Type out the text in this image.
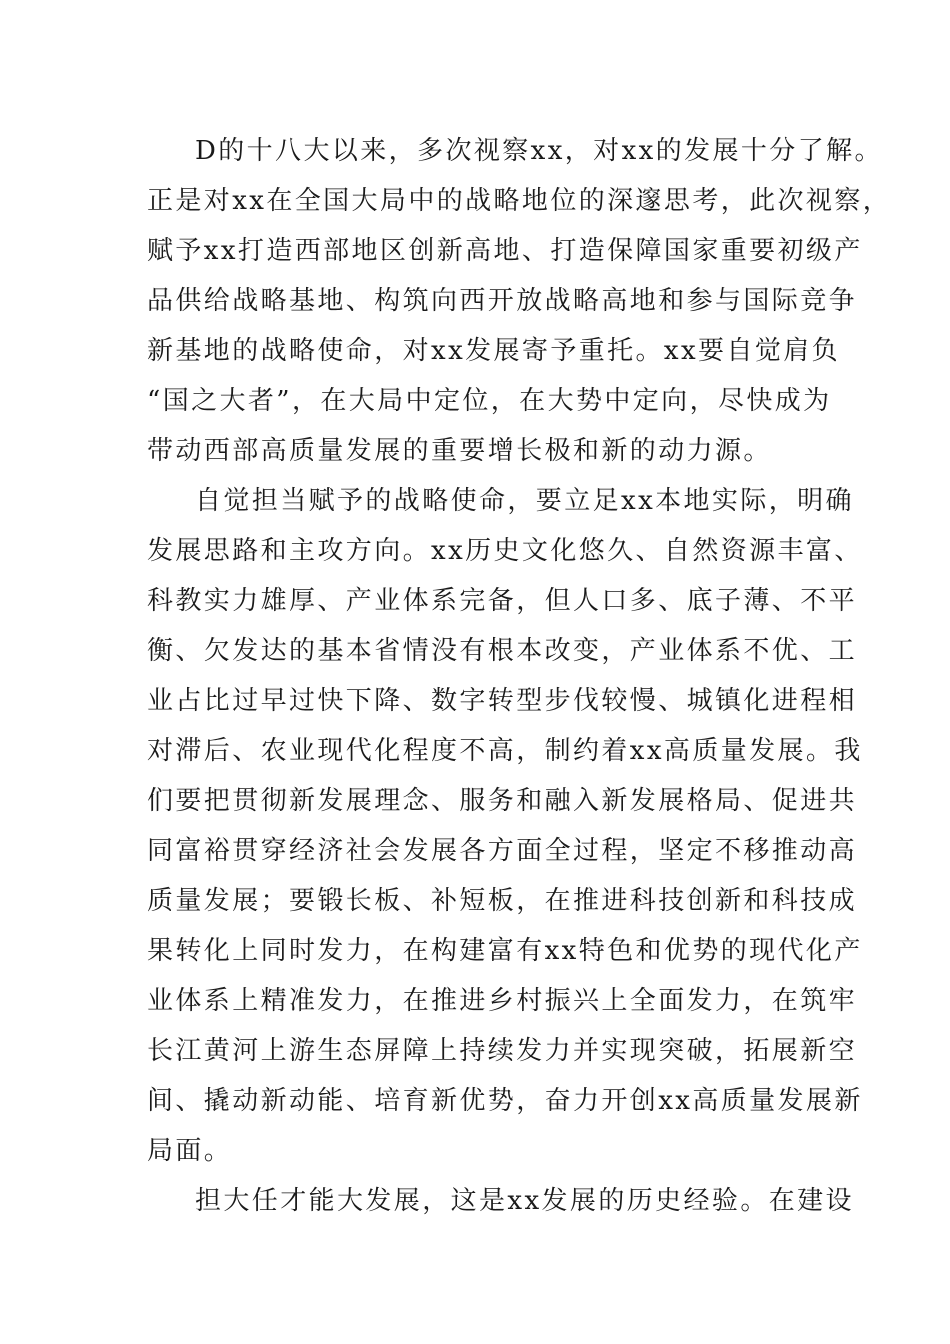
D的十八大以来，多次视察xx，对xx的发展十分了解。
正是对xx在全国大局中的战略地位的深邃思考，此次视察，
赋予xx打造西部地区创新高地、打造保障国家重要初级产
品供给战略基地、构筑向西开放战略高地和参与国际竞争
新基地的战略使命，对xx发展寄予重托。xx要自觉肩负
“国之大者”，在大局中定位，在大势中定向，尽快成为
带动西部高质量发展的重要增长极和新的动力源。
自觉担当赋予的战略使命，要立足xx本地实际，明确
发展思路和主攻方向。xx历史文化悠久、自然资源丰富、
科教实力雄厚、产业体系完备，但人口多、底子薄、不平
衡、欠发达的基本省情没有根本改变，产业体系不优、工
业占比过早过快下降、数字转型步伐较慢、城镇化进程相
对滞后、农业现代化程度不高，制约着xx高质量发展。我
们要把贯彻新发展理念、服务和融入新发展格局、促进共
同富裕贯穿经济社会发展各方面全过程，坚定不移推动高
质量发展；要锻长板、补短板，在推进科技创新和科技成
果转化上同时发力，在构建富有xx特色和优势的现代化产
业体系上精准发力，在推进乡村振兴上全面发力，在筑牢
长江黄河上游生态屏障上持续发力并实现突破，拓展新空
间、撬动新动能、培育新优势，奋力开创xx高质量发展新
局面。
担大任才能大发展，这是xx发展的历史经验。在建设
